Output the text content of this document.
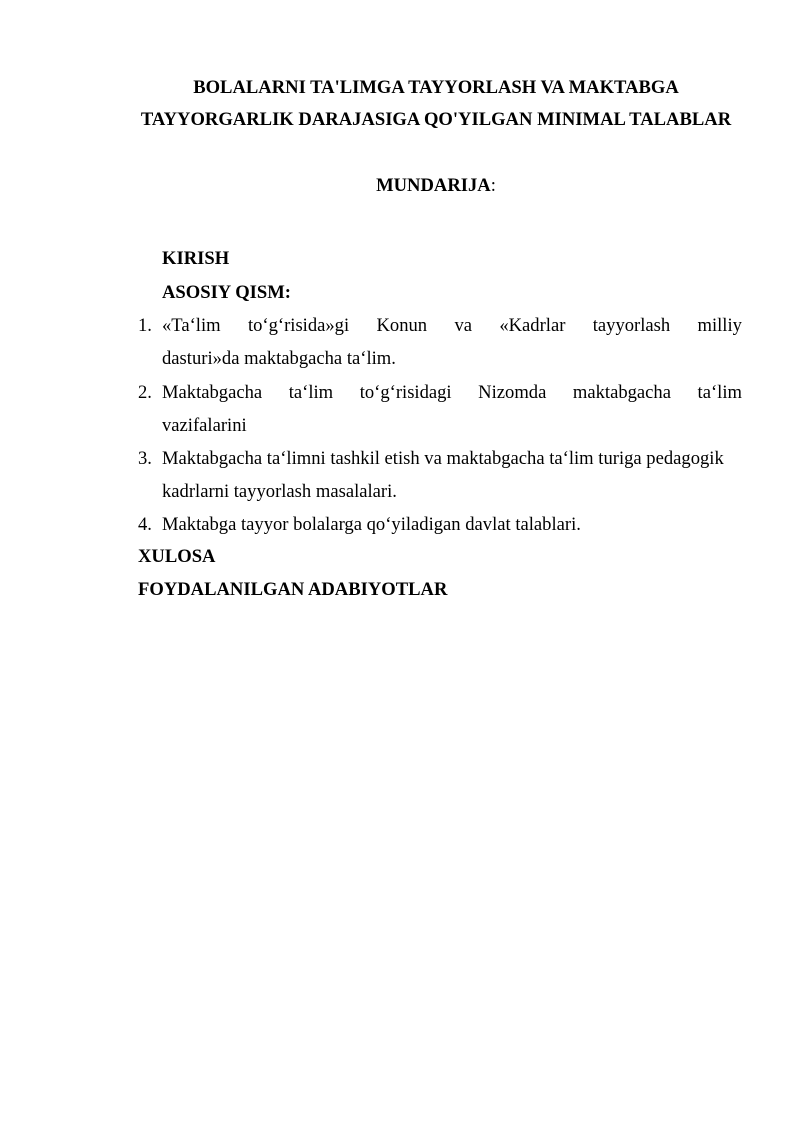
BOLALARNI TA'LIMGA TAYYORLASH VA MAKTABGA
TAYYORGARLIK DARAJASIGA QO'YILGAN MINIMAL TALABLAR
MUNDARIJA:
KIRISH
ASOSIY QISM:
1. «Ta‘lim to‘g‘risida»gi Konun va «Kadrlar tayyorlash milliy
dasturi»da maktabgacha ta‘lim.
2. Maktabgacha ta‘lim to‘g‘risidagi Nizomda maktabgacha ta‘lim
vazifalarini
3. Maktabgacha ta‘limni tashkil etish va maktabgacha ta‘lim turiga pedagogik
kadrlarni tayyorlash masalalari.
4. Maktabga tayyor bolalarga qo‘yiladigan davlat talablari.
XULOSA
FOYDALANILGAN ADABIYOTLAR
